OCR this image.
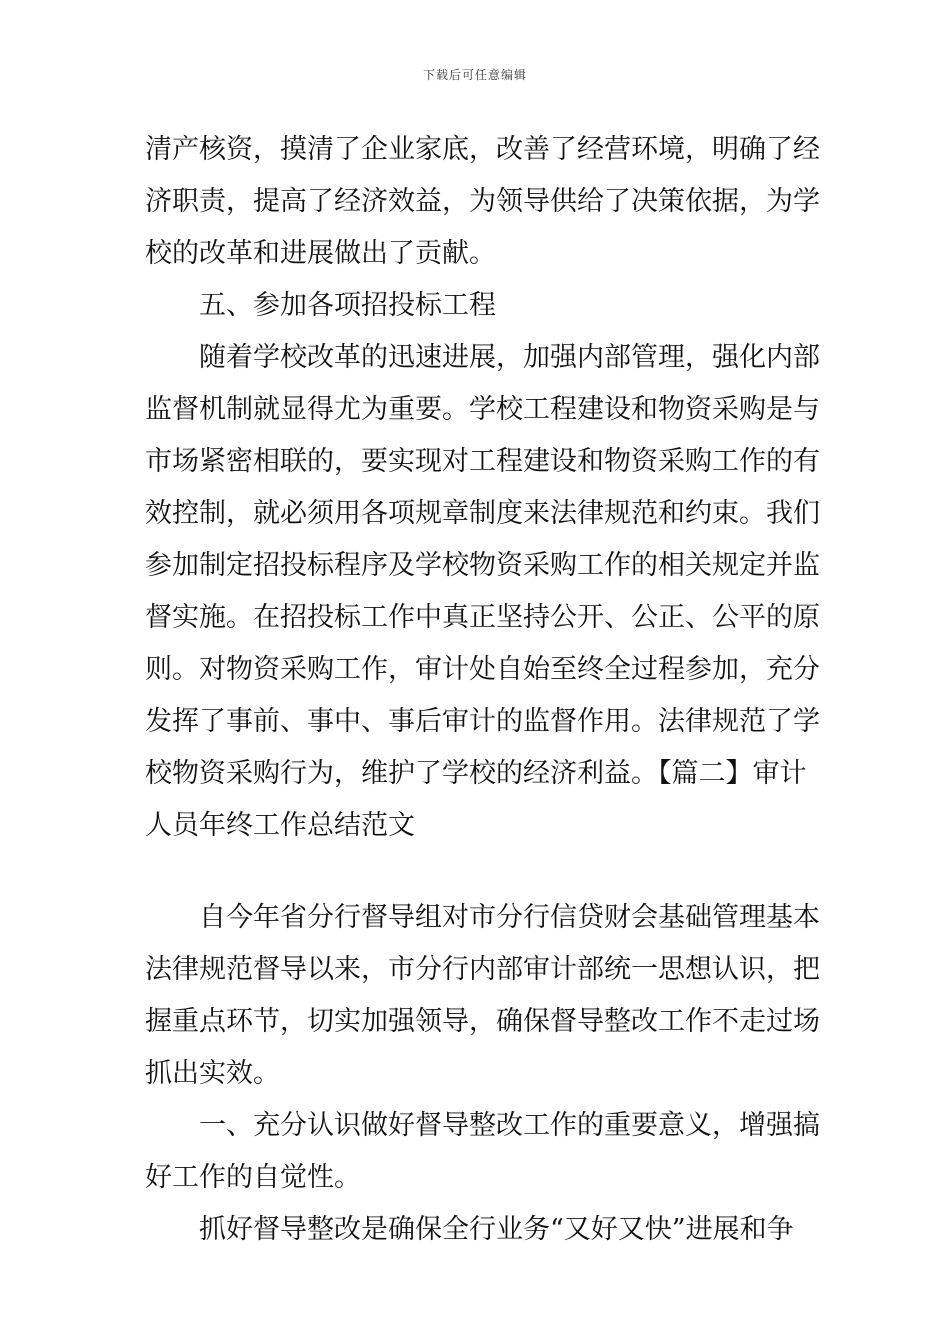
下载后可任意编辑
清产核资，摸清了企业家底，改善了经营环境，明确了经
济职责，提高了经济效益，为领导供给了决策依据，为学
校的改革和进展做出了贡献。
五、参加各项招投标工程
随着学校改革的迅速进展，加强内部管理，强化内部
监督机制就显得尤为重要。学校工程建设和物资采购是与
市场紧密相联的，要实现对工程建设和物资采购工作的有
效控制，就必须用各项规章制度来法律规范和约束。我们
参加制定招投标程序及学校物资采购工作的相关规定并监
督实施。在招投标工作中真正坚持公开、公正、公平的原
则。对物资采购工作，审计处自始至终全过程参加，充分
发挥了事前、事中、事后审计的监督作用。法律规范了学
校物资采购行为，维护了学校的经济利益。【篇二】审计
人员年终工作总结范文
自今年省分行督导组对市分行信贷财会基础管理基本
法律规范督导以来，市分行内部审计部统一思想认识，把
握重点环节，切实加强领导，确保督导整改工作不走过场
抓出实效。
一、充分认识做好督导整改工作的重要意义，增强搞
好工作的自觉性。
抓好督导整改是确保全行业务“又好又快”进展和争
